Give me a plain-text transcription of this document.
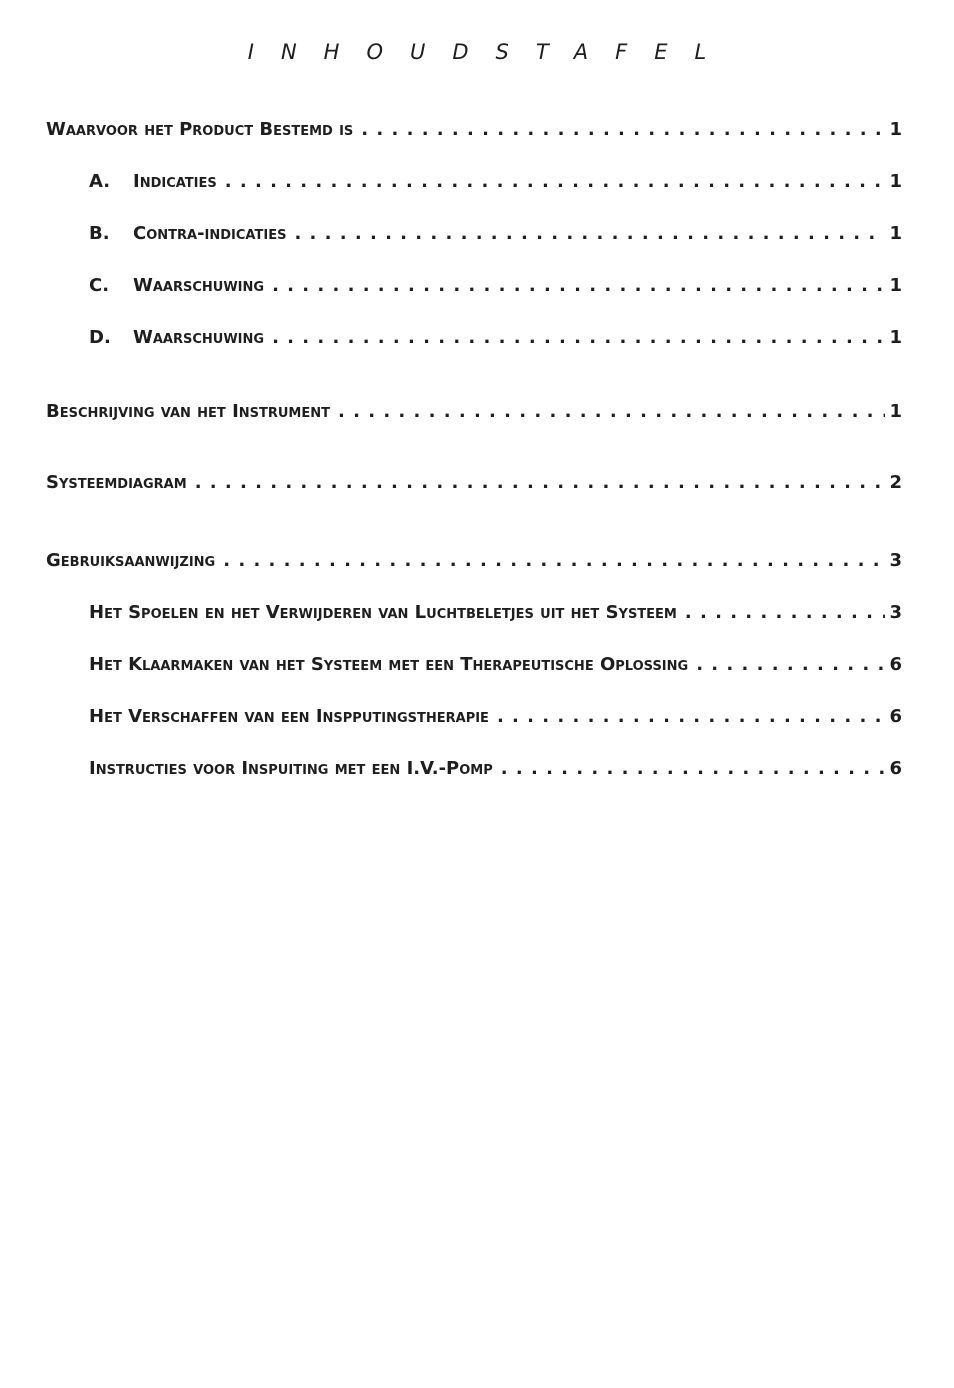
INHOUDSTAFEL
Waarvoor het Product Bestemd is . . .	1
A.	Indicaties . . .	1
B.	Contra-indicaties . . .	1
C.	Waarschuwing . . .	1
D.	Waarschuwing . . .	1
Beschrijving van het Instrument . . .	1
Systeemdiagram . . .	2
Gebruiksaanwijzing . . .	3
Het Spoelen en het Verwijderen van Luchtbeletjes uit het Systeem . . .	3
Het Klaarmaken van het Systeem met een Therapeutische Oplossing . . .	6
Het Verschaffen van een Inspputingstherapie . . .	6
Instructies voor Inspuiting met een I.V.-Pomp . . .	6
